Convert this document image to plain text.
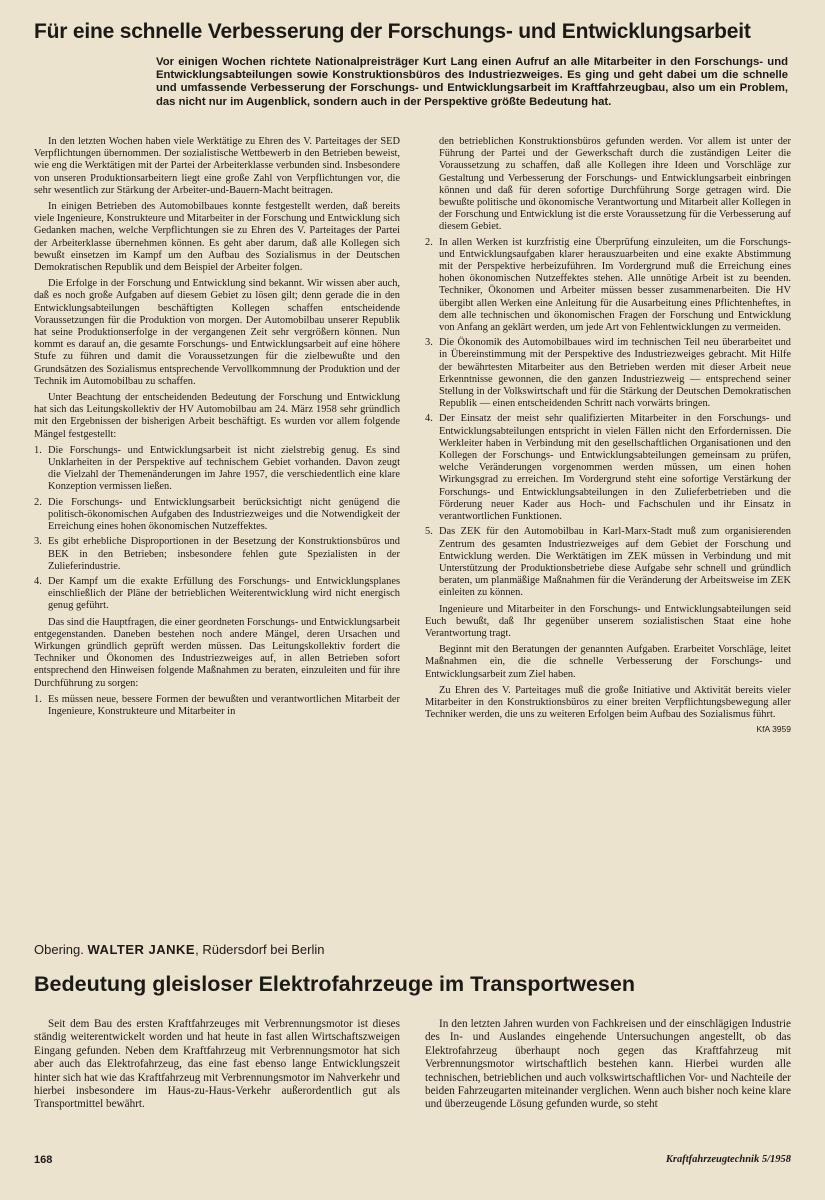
Für eine schnelle Verbesserung der Forschungs- und Entwicklungsarbeit
Vor einigen Wochen richtete Nationalpreisträger Kurt Lang einen Aufruf an alle Mitarbeiter in den Forschungs- und Entwicklungsabteilungen sowie Konstruktionsbüros des Industriezweiges. Es ging und geht dabei um die schnelle und umfassende Verbesserung der Forschungs- und Entwicklungsarbeit im Kraftfahrzeugbau, also um ein Problem, das nicht nur im Augenblick, sondern auch in der Perspektive größte Bedeutung hat.

In den letzten Wochen haben viele Werktätige zu Ehren des V. Parteitages der SED Verpflichtungen übernommen. Der sozialistische Wettbewerb in den Betrieben beweist, wie eng die Werktätigen mit der Partei der Arbeiterklasse verbunden sind. Insbesondere von unseren Produktionsarbeitern liegt eine große Zahl von Verpflichtungen vor, die sehr wesentlich zur Stärkung der Arbeiter-und-Bauern-Macht beitragen.

In einigen Betrieben des Automobilbaues konnte festgestellt werden, daß bereits viele Ingenieure, Konstrukteure und Mitarbeiter in der Forschung und Entwicklung sich Gedanken machen, welche Verpflichtungen sie zu Ehren des V. Parteitages der Partei der Arbeiterklasse übernehmen können. Es geht aber darum, daß alle Kollegen sich bewußt einsetzen im Kampf um den Aufbau des Sozialismus in der Deutschen Demokratischen Republik und dem Beispiel der Arbeiter folgen.

Die Erfolge in der Forschung und Entwicklung sind bekannt. Wir wissen aber auch, daß es noch große Aufgaben auf diesem Gebiet zu lösen gilt; denn gerade die in den Entwicklungsabteilungen beschäftigten Kollegen schaffen entscheidende Voraussetzungen für die Produktion von morgen. Der Automobilbau unserer Republik hat seine Produktionserfolge in der vergangenen Zeit sehr vergrößern können. Nun kommt es darauf an, die gesamte Forschungs- und Entwicklungsarbeit auf eine höhere Stufe zu führen und damit die Voraussetzungen für die zielbewußte und den Grundsätzen des Sozialismus entsprechende Vervollkommnung der Produktion und der Technik im Automobilbau zu schaffen.

Unter Beachtung der entscheidenden Bedeutung der Forschung und Entwicklung hat sich das Leitungskollektiv der HV Automobilbau am 24. März 1958 sehr gründlich mit den Ergebnissen der bisherigen Arbeit beschäftigt. Es wurden vor allem folgende Mängel festgestellt:

1. Die Forschungs- und Entwicklungsarbeit ist nicht zielstrebig genug. Es sind Unklarheiten in der Perspektive auf technischem Gebiet vorhanden. Davon zeugt die Vielzahl der Themenänderungen im Jahre 1957, die verschiedentlich eine klare Konzeption vermissen ließen.
2. Die Forschungs- und Entwicklungsarbeit berücksichtigt nicht genügend die politisch-ökonomischen Aufgaben des Industriezweiges und die Notwendigkeit der Erreichung eines hohen ökonomischen Nutzeffektes.
3. Es gibt erhebliche Disproportionen in der Besetzung der Konstruktionsbüros und BEK in den Betrieben; insbesondere fehlen gute Spezialisten in der Zulieferindustrie.
4. Der Kampf um die exakte Erfüllung des Forschungs- und Entwicklungsplanes einschließlich der Pläne der betrieblichen Weiterentwicklung wird nicht energisch genug geführt.

Das sind die Hauptfragen, die einer geordneten Forschungs- und Entwicklungsarbeit entgegenstanden. Daneben bestehen noch andere Mängel, deren Ursachen und Wirkungen gründlich geprüft werden müssen. Das Leitungskollektiv fordert die Techniker und Ökonomen des Industriezweiges auf, in allen Betrieben sofort entsprechend den Hinweisen folgende Maßnahmen zu beraten, einzuleiten und für ihre Durchführung zu sorgen:

1. Es müssen neue, bessere Formen der bewußten und verantwortlichen Mitarbeit der Ingenieure, Konstrukteure und Mitarbeiter in
den betrieblichen Konstruktionsbüros gefunden werden. Vor allem ist unter der Führung der Partei und der Gewerkschaft durch die zuständigen Leiter die Voraussetzung zu schaffen, daß alle Kollegen ihre Ideen und Vorschläge zur Gestaltung und Verbesserung der Forschungs- und Entwicklungsarbeit einbringen können und daß für deren sofortige Durchführung Sorge getragen wird. Die bewußte politische und ökonomische Verantwortung und Mitarbeit aller Kollegen in der Forschung und Entwicklung ist die erste Voraussetzung für die Verbesserung auf diesem Gebiet.
2. In allen Werken ist kurzfristig eine Überprüfung einzuleiten, um die Forschungs- und Entwicklungsaufgaben klarer herauszuarbeiten und eine exakte Abstimmung mit der Perspektive herbeizuführen. Im Vordergrund muß die Erreichung eines hohen ökonomischen Nutzeffektes stehen. Alle unnötige Arbeit ist zu beenden. Techniker, Ökonomen und Arbeiter müssen besser zusammenarbeiten. Die HV übergibt allen Werken eine Anleitung für die Ausarbeitung eines Pflichtenheftes, in dem alle technischen und ökonomischen Fragen der Forschung und Entwicklung von Anfang an geklärt werden, um jede Art von Fehlentwicklungen zu vermeiden.
3. Die Ökonomik des Automobilbaues wird im technischen Teil neu überarbeitet und in Übereinstimmung mit der Perspektive des Industriezweiges gebracht. Mit Hilfe der bewährtesten Mitarbeiter aus den Betrieben werden mit dieser Arbeit neue Erkenntnisse gewonnen, die den ganzen Industriezweig — entsprechend seiner Stellung in der Volkswirtschaft und für die Stärkung der Deutschen Demokratischen Republik — einen entscheidenden Schritt nach vorwärts bringen.
4. Der Einsatz der meist sehr qualifizierten Mitarbeiter in den Forschungs- und Entwicklungsabteilungen entspricht in vielen Fällen nicht den Erfordernissen. Die Werkleiter haben in Verbindung mit den gesellschaftlichen Organisationen und den Kollegen der Forschungs- und Entwicklungsabteilungen gemeinsam zu prüfen, welche Veränderungen vorgenommen werden müssen, um einen hohen Wirkungsgrad zu erreichen. Im Vordergrund steht eine sofortige Verstärkung der Forschungs- und Entwicklungsabteilungen in den Zulieferbetrieben und die Förderung neuer Kader aus Hoch- und Fachschulen und ihr Einsatz in verantwortlichen Funktionen.
5. Das ZEK für den Automobilbau in Karl-Marx-Stadt muß zum organisierenden Zentrum des gesamten Industriezweiges auf dem Gebiet der Forschung und Entwicklung werden. Die Werktätigen im ZEK müssen in Verbindung und mit Unterstützung der Produktionsbetriebe diese Aufgabe sehr schnell und gründlich beraten, um planmäßige Maßnahmen für die Veränderung der Arbeitsweise im ZEK einleiten zu können.

Ingenieure und Mitarbeiter in den Forschungs- und Entwicklungsabteilungen seid Euch bewußt, daß Ihr gegenüber unserem sozialistischen Staat eine hohe Verantwortung tragt.

Beginnt mit den Beratungen der genannten Aufgaben. Erarbeitet Vorschläge, leitet Maßnahmen ein, die die schnelle Verbesserung der Forschungs- und Entwicklungsarbeit zum Ziel haben.

Zu Ehren des V. Parteitages muß die große Initiative und Aktivität bereits vieler Mitarbeiter in den Konstruktionsbüros zu einer breiten Verpflichtungsbewegung aller Techniker werden, die uns zu weiteren Erfolgen beim Aufbau des Sozialismus führt.

KfA 3959
Obering. WALTER JANKE, Rüdersdorf bei Berlin
Bedeutung gleisloser Elektrofahrzeuge im Transportwesen

Seit dem Bau des ersten Kraftfahrzeuges mit Verbrennungsmotor ist dieses ständig weiterentwickelt worden und hat heute in fast allen Wirtschaftszweigen Eingang gefunden. Neben dem Kraftfahrzeug mit Verbrennungsmotor hat sich aber auch das Elektrofahrzeug, das eine fast ebenso lange Entwicklungszeit hinter sich hat wie das Kraftfahrzeug mit Verbrennungsmotor im Nahverkehr und hierbei insbesondere im Haus-zu-Haus-Verkehr außerordentlich gut als Transportmittel bewährt.

In den letzten Jahren wurden von Fachkreisen und der einschlägigen Industrie des In- und Auslandes eingehende Untersuchungen angestellt, ob das Elektrofahrzeug überhaupt noch gegen das Kraftfahrzeug mit Verbrennungsmotor wirtschaftlich bestehen kann. Hierbei wurden alle technischen, betrieblichen und auch volkswirtschaftlichen Vor- und Nachteile der beiden Fahrzeugarten miteinander verglichen. Wenn auch bisher noch keine klare und überzeugende Lösung gefunden wurde, so steht

168	Kraftfahrzeugtechnik 5/1958
